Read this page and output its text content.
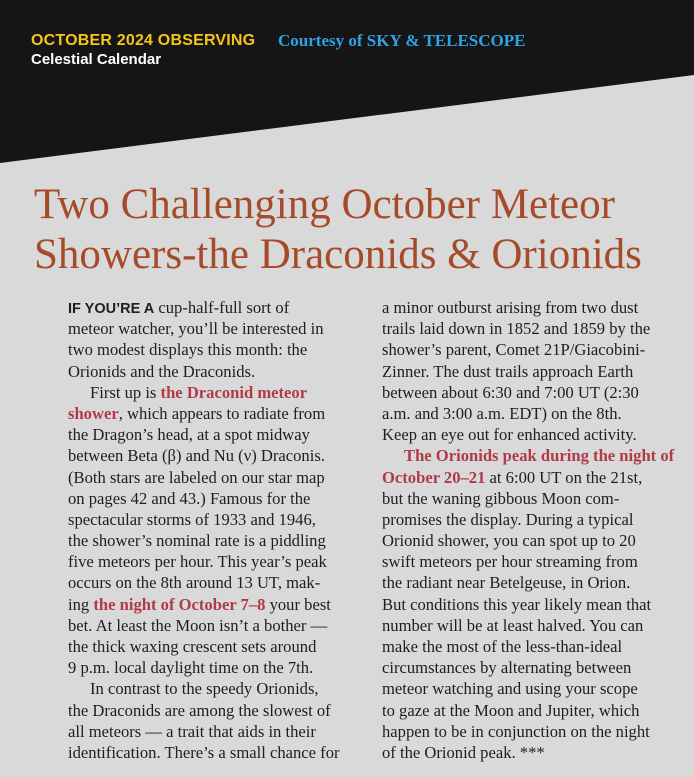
OCTOBER 2024 OBSERVING
Celestial Calendar
Courtesy of SKY & TELESCOPE
Two Challenging October Meteor
Showers-the Draconids & Orionids
IF YOU’RE A cup-half-full sort of
meteor watcher, you’ll be interested in
two modest displays this month: the
Orionids and the Draconids.
First up is the Draconid meteor
shower, which appears to radiate from
the Dragon’s head, at a spot midway
between Beta (β) and Nu (ν) Draconis.
(Both stars are labeled on our star map
on pages 42 and 43.) Famous for the
spectacular storms of 1933 and 1946,
the shower’s nominal rate is a piddling
five meteors per hour. This year’s peak
occurs on the 8th around 13 UT, mak-
ing the night of October 7–8 your best
bet. At least the Moon isn’t a bother —
the thick waxing crescent sets around
9 p.m. local daylight time on the 7th.
In contrast to the speedy Orionids,
the Draconids are among the slowest of
all meteors — a trait that aids in their
identification. There’s a small chance for
a minor outburst arising from two dust
trails laid down in 1852 and 1859 by the
shower’s parent, Comet 21P/Giacobini-
Zinner. The dust trails approach Earth
between about 6:30 and 7:00 UT (2:30
a.m. and 3:00 a.m. EDT) on the 8th.
Keep an eye out for enhanced activity.
The Orionids peak during the night of
October 20–21 at 6:00 UT on the 21st,
but the waning gibbous Moon com-
promises the display. During a typical
Orionid shower, you can spot up to 20
swift meteors per hour streaming from
the radiant near Betelgeuse, in Orion.
But conditions this year likely mean that
number will be at least halved. You can
make the most of the less-than-ideal
circumstances by alternating between
meteor watching and using your scope
to gaze at the Moon and Jupiter, which
happen to be in conjunction on the night
of the Orionid peak. ***
